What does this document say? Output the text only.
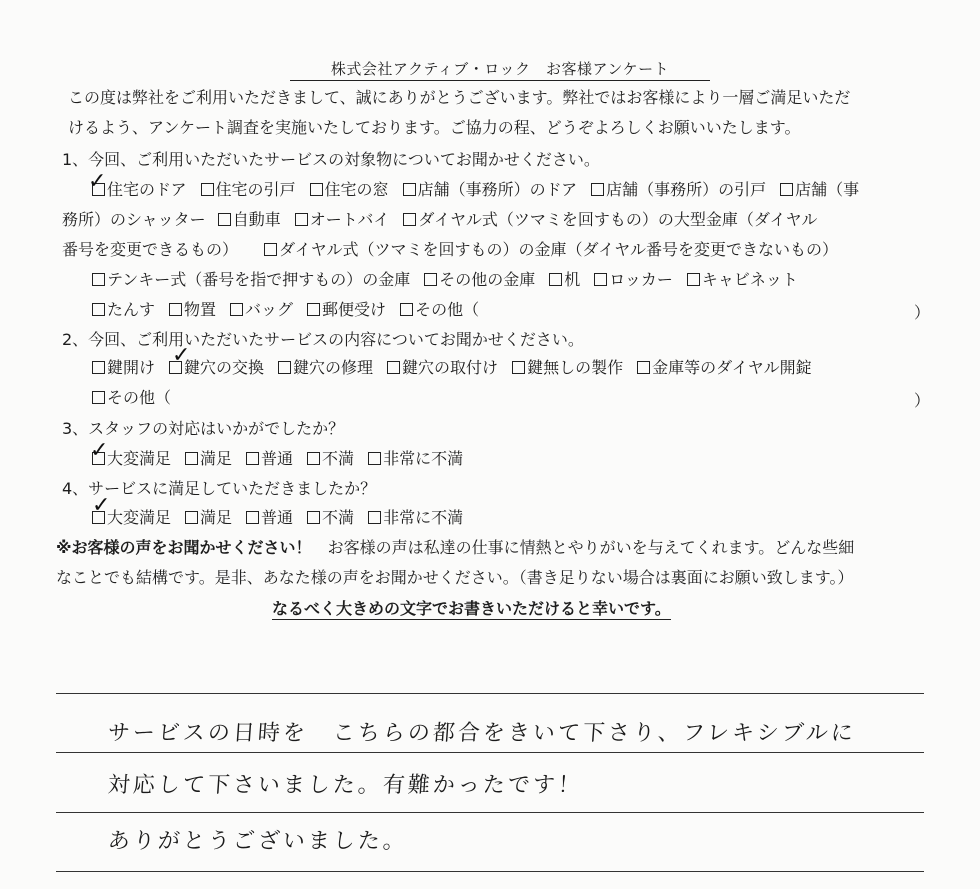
株式会社アクティブ・ロック　お客様アンケート
この度は弊社をご利用いただきまして、誠にありがとうございます。弊社ではお客様により一層ご満足いただ
けるよう、アンケート調査を実施いたしております。ご協力の程、どうぞよろしくお願いいたします。
1、今回、ご利用いただいたサービスの対象物についてお聞かせください。
住宅のドア 住宅の引戸 住宅の窓 店舗（事務所）のドア 店舗（事務所）の引戸 店舗（事
✓
務所）のシャッター 自動車 オートバイ ダイヤル式（ツマミを回すもの）の大型金庫（ダイヤル
番号を変更できるもの）	ダイヤル式（ツマミを回すもの）の金庫（ダイヤル番号を変更できないもの）
テンキー式（番号を指で押すもの）の金庫 その他の金庫 机 ロッカー キャビネット
たんす 物置 バッグ 郵便受け その他（	）
2、今回、ご利用いただいたサービスの内容についてお聞かせください。
鍵開け 鍵穴の交換 鍵穴の修理 鍵穴の取付け 鍵無しの製作 金庫等のダイヤル開錠
✓
その他（	）
3、スタッフの対応はいかがでしたか？
大変満足 満足 普通 不満 非常に不満
✓
4、サービスに満足していただきましたか？
大変満足 満足 普通 不満 非常に不満
✓
※お客様の声をお聞かせください！　お客様の声は私達の仕事に情熱とやりがいを与えてくれます。どんな些細
なことでも結構です。是非、あなた様の声をお聞かせください。（書き足りない場合は裏面にお願い致します。）
なるべく大きめの文字でお書きいただけると幸いです。
サービスの日時を　こちらの都合をきいて下さり、フレキシブルに
対応して下さいました。有難かったです！
ありがとうございました。
